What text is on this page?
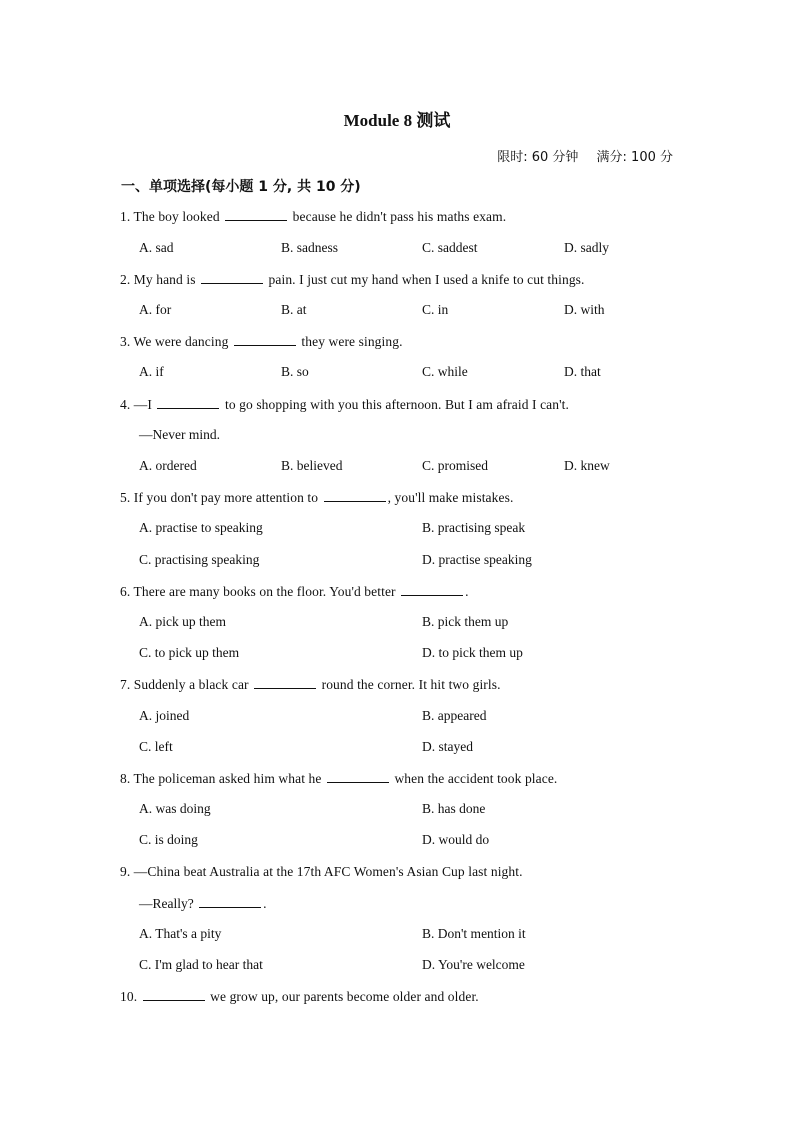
Module 8 测试
限时: 60 分钟 满分: 100 分
一、单项选择(每小题 1 分, 共 10 分)
1. The boy looked	because he didn't pass his maths exam.
A. sad	B. sadness	C. saddest	D. sadly
2. My hand is	pain. I just cut my hand when I used a knife to cut things.
A. for	B. at	C. in	D. with
3. We were dancing	they were singing.
A. if	B. so	C. while	D. that
4. —I	to go shopping with you this afternoon. But I am afraid I can't.
—Never mind.
A. ordered	B. believed	C. promised	D. knew
5. If you don't pay more attention to	, you'll make mistakes.
A. practise to speaking	B. practising speak
C. practising speaking	D. practise speaking
6. There are many books on the floor. You'd better	.
A. pick up them	B. pick them up
C. to pick up them	D. to pick them up
7. Suddenly a black car	round the corner. It hit two girls.
A. joined	B. appeared
C. left	D. stayed
8. The policeman asked him what he	when the accident took place.
A. was doing	B. has done
C. is doing	D. would do
9. —China beat Australia at the 17th AFC Women's Asian Cup last night.
—Really?	.
A. That's a pity	B. Don't mention it
C. I'm glad to hear that	D. You're welcome
10.	we grow up, our parents become older and older.
